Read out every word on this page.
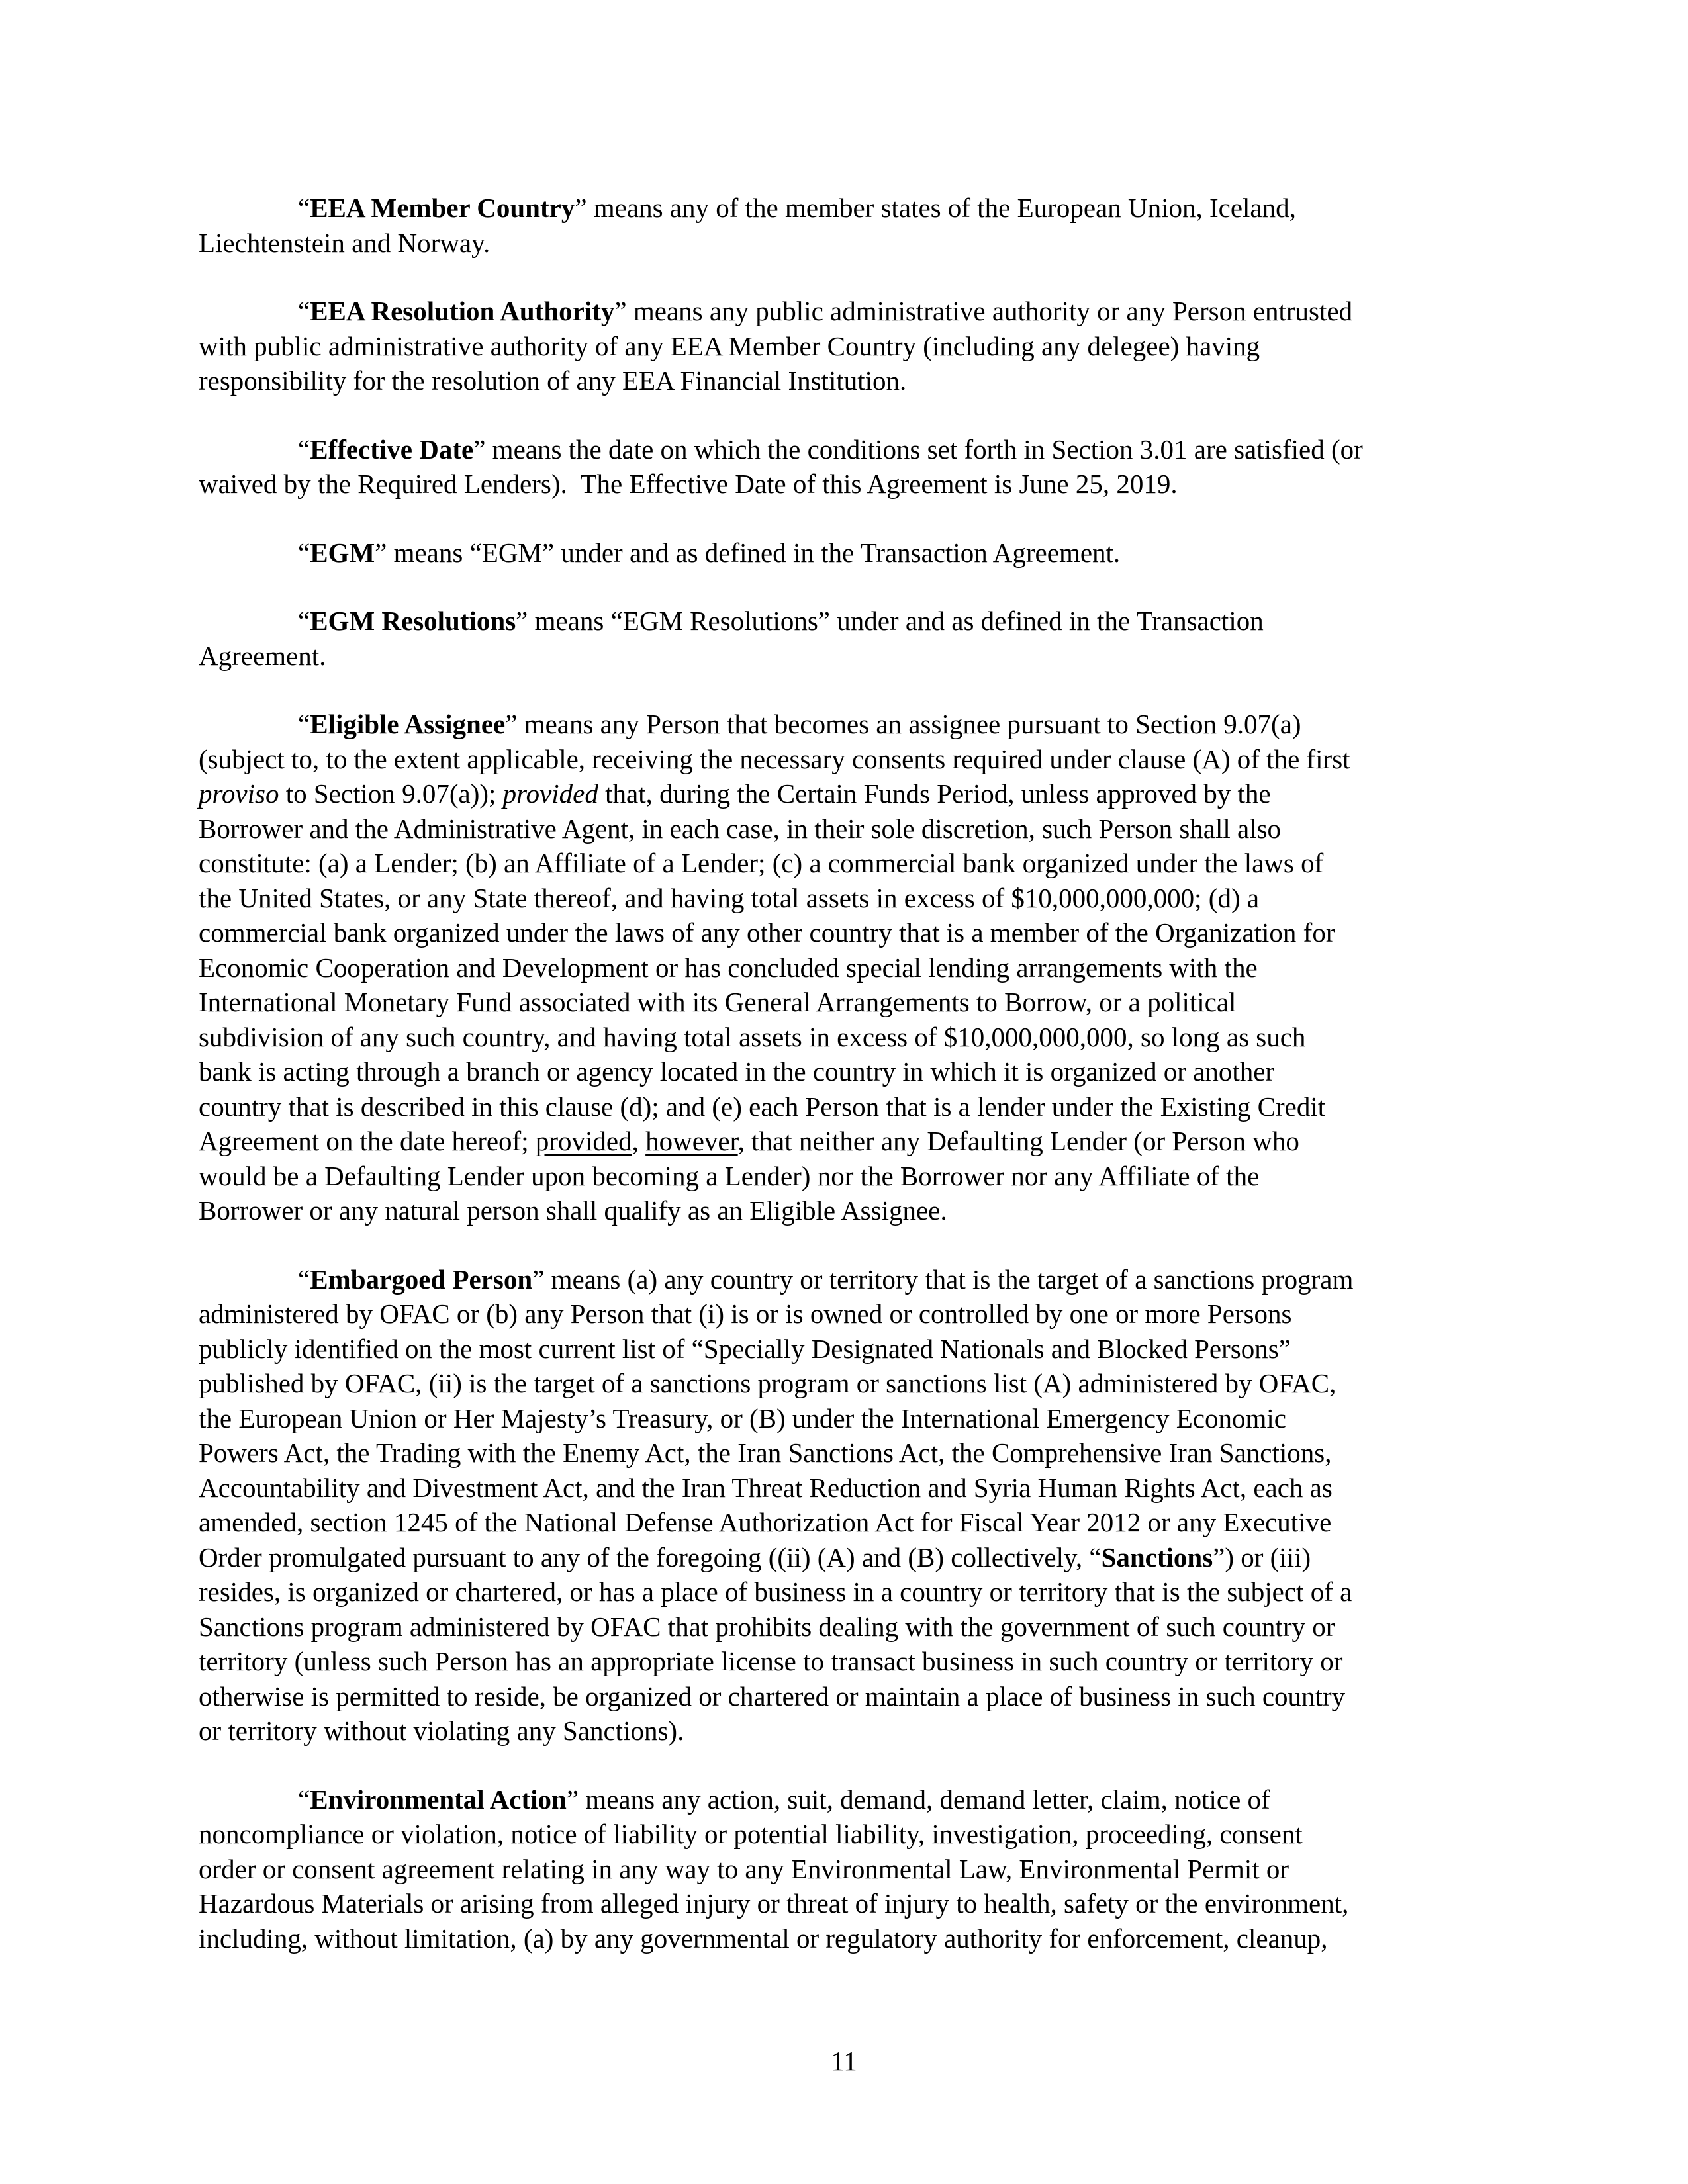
“EEA Member Country” means any of the member states of the European Union, Iceland,
Liechtenstein and Norway.

“EEA Resolution Authority” means any public administrative authority or any Person entrusted
with public administrative authority of any EEA Member Country (including any delegee) having
responsibility for the resolution of any EEA Financial Institution.

“Effective Date” means the date on which the conditions set forth in Section 3.01 are satisfied (or
waived by the Required Lenders).  The Effective Date of this Agreement is June 25, 2019.

“EGM” means “EGM” under and as defined in the Transaction Agreement.

“EGM Resolutions” means “EGM Resolutions” under and as defined in the Transaction
Agreement.

“Eligible Assignee” means any Person that becomes an assignee pursuant to Section 9.07(a)
(subject to, to the extent applicable, receiving the necessary consents required under clause (A) of the first
proviso to Section 9.07(a)); provided that, during the Certain Funds Period, unless approved by the
Borrower and the Administrative Agent, in each case, in their sole discretion, such Person shall also
constitute: (a) a Lender; (b) an Affiliate of a Lender; (c) a commercial bank organized under the laws of
the United States, or any State thereof, and having total assets in excess of $10,000,000,000; (d) a
commercial bank organized under the laws of any other country that is a member of the Organization for
Economic Cooperation and Development or has concluded special lending arrangements with the
International Monetary Fund associated with its General Arrangements to Borrow, or a political
subdivision of any such country, and having total assets in excess of $10,000,000,000, so long as such
bank is acting through a branch or agency located in the country in which it is organized or another
country that is described in this clause (d); and (e) each Person that is a lender under the Existing Credit
Agreement on the date hereof; provided, however, that neither any Defaulting Lender (or Person who
would be a Defaulting Lender upon becoming a Lender) nor the Borrower nor any Affiliate of the
Borrower or any natural person shall qualify as an Eligible Assignee.

“Embargoed Person” means (a) any country or territory that is the target of a sanctions program
administered by OFAC or (b) any Person that (i) is or is owned or controlled by one or more Persons
publicly identified on the most current list of “Specially Designated Nationals and Blocked Persons”
published by OFAC, (ii) is the target of a sanctions program or sanctions list (A) administered by OFAC,
the European Union or Her Majesty’s Treasury, or (B) under the International Emergency Economic
Powers Act, the Trading with the Enemy Act, the Iran Sanctions Act, the Comprehensive Iran Sanctions,
Accountability and Divestment Act, and the Iran Threat Reduction and Syria Human Rights Act, each as
amended, section 1245 of the National Defense Authorization Act for Fiscal Year 2012 or any Executive
Order promulgated pursuant to any of the foregoing ((ii) (A) and (B) collectively, “Sanctions”) or (iii)
resides, is organized or chartered, or has a place of business in a country or territory that is the subject of a
Sanctions program administered by OFAC that prohibits dealing with the government of such country or
territory (unless such Person has an appropriate license to transact business in such country or territory or
otherwise is permitted to reside, be organized or chartered or maintain a place of business in such country
or territory without violating any Sanctions).

“Environmental Action” means any action, suit, demand, demand letter, claim, notice of
noncompliance or violation, notice of liability or potential liability, investigation, proceeding, consent
order or consent agreement relating in any way to any Environmental Law, Environmental Permit or
Hazardous Materials or arising from alleged injury or threat of injury to health, safety or the environment,
including, without limitation, (a) by any governmental or regulatory authority for enforcement, cleanup,

11
